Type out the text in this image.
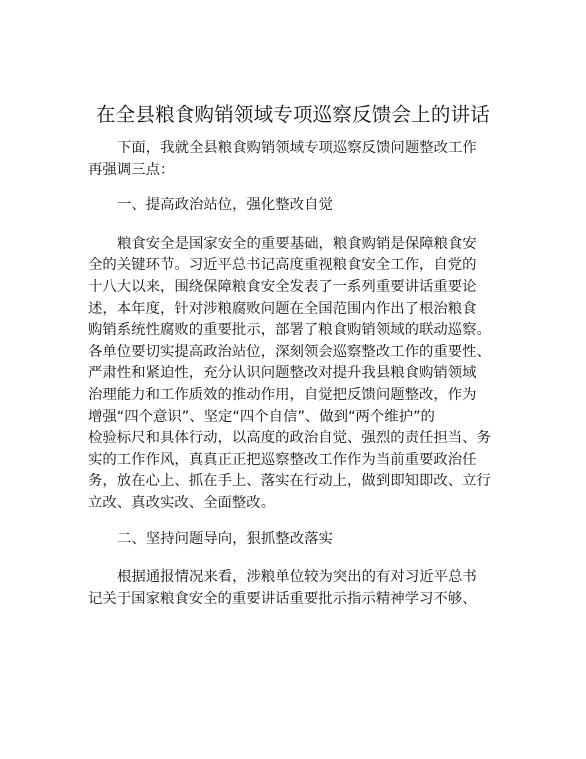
在全县粮食购销领域专项巡察反馈会上的讲话
下面，我就全县粮食购销领域专项巡察反馈问题整改工作
再强调三点：
一、提高政治站位，强化整改自觉
粮食安全是国家安全的重要基础，粮食购销是保障粮食安
全的关键环节。习近平总书记高度重视粮食安全工作，自党的
十八大以来，围绕保障粮食安全发表了一系列重要讲话重要论
述，本年度，针对涉粮腐败问题在全国范围内作出了根治粮食
购销系统性腐败的重要批示，部署了粮食购销领域的联动巡察。
各单位要切实提高政治站位，深刻领会巡察整改工作的重要性、
严肃性和紧迫性，充分认识问题整改对提升我县粮食购销领域
治理能力和工作质效的推动作用，自觉把反馈问题整改，作为
增强“四个意识”、坚定“四个自信”、做到“两个维护”的
检验标尺和具体行动，以高度的政治自觉、强烈的责任担当、务
实的工作作风，真真正正把巡察整改工作作为当前重要政治任
务，放在心上、抓在手上、落实在行动上，做到即知即改、立行
立改、真改实改、全面整改。
二、坚持问题导向，狠抓整改落实
根据通报情况来看，涉粮单位较为突出的有对习近平总书
记关于国家粮食安全的重要讲话重要批示指示精神学习不够、
